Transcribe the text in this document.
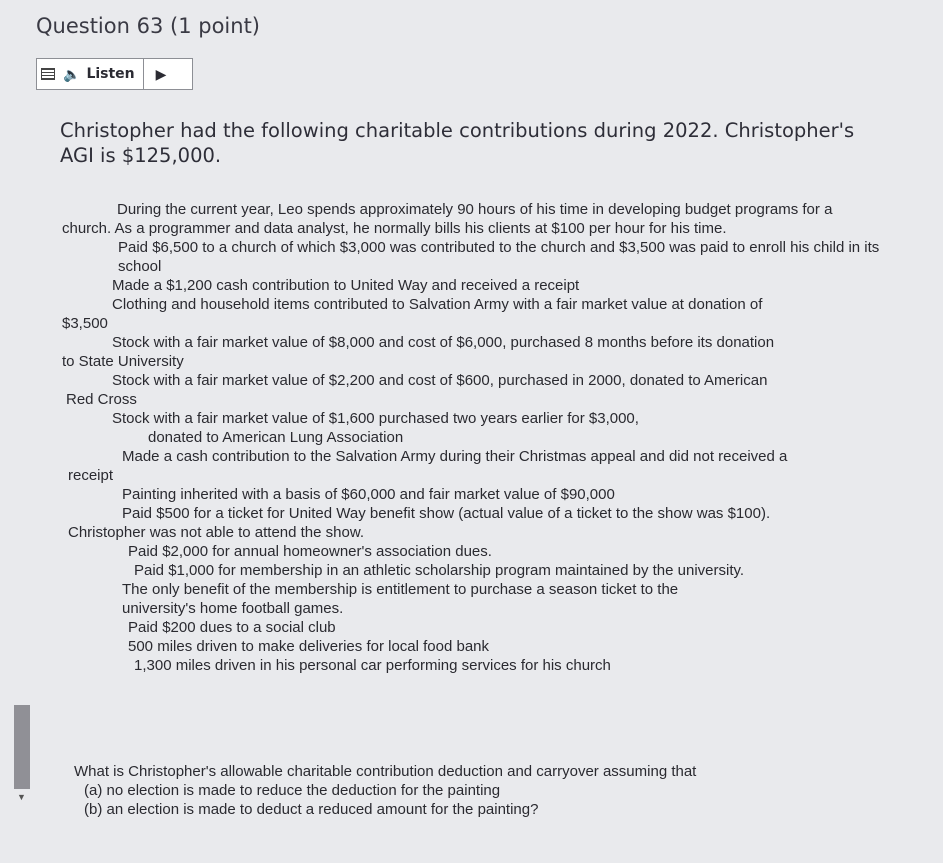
Question 63 (1 point)
🔈 Listen ▶
Christopher had the following charitable contributions during 2022. Christopher's AGI is $125,000.

During the current year, Leo spends approximately 90 hours of his time in developing budget programs for a church. As a programmer and data analyst, he normally bills his clients at $100 per hour for his time.

Paid $6,500 to a church of which $3,000 was contributed to the church and $3,500 was paid to enroll his child in its school

Made a $1,200 cash contribution to United Way and received a receipt

Clothing and household items contributed to Salvation Army with a fair market value at donation of

$3,500

Stock with a fair market value of $8,000 and cost of $6,000, purchased 8 months before its donation

to State University

Stock with a fair market value of $2,200 and cost of $600, purchased in 2000, donated to American

Red Cross

Stock with a fair market value of $1,600 purchased two years earlier for $3,000,

donated to American Lung Association

Made a cash contribution to the Salvation Army during their Christmas appeal and did not received a

receipt

Painting inherited with a basis of $60,000 and fair market value of $90,000

Paid $500 for a ticket for United Way benefit show (actual value of a ticket to the show was $100).

Christopher was not able to attend the show.

Paid $2,000 for annual homeowner's association dues.

Paid $1,000 for membership in an athletic scholarship program maintained by the university.

The only benefit of the membership is entitlement to purchase a season ticket to the

university's home football games.

Paid $200 dues to a social club

500 miles driven to make deliveries for local food bank

1,300 miles driven in his personal car performing services for his church

What is Christopher's allowable charitable contribution deduction and carryover assuming that

(a) no election is made to reduce the deduction for the painting

(b) an election is made to deduct a reduced amount for the painting?

▼
